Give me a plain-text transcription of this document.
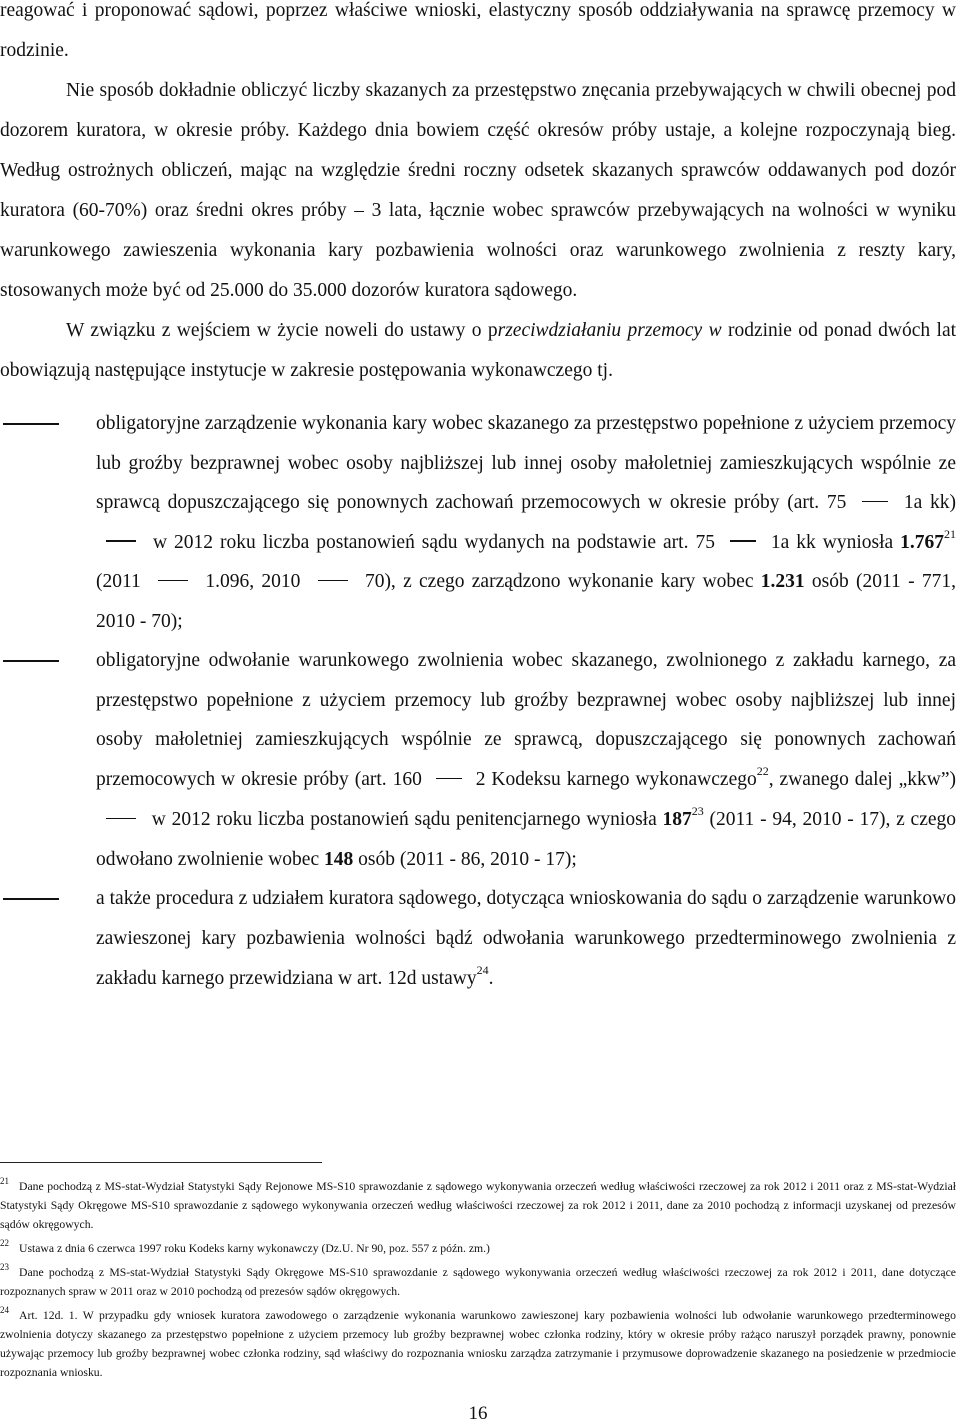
reagować i proponować sądowi, poprzez właściwe wnioski, elastyczny sposób oddziaływania na sprawcę przemocy w rodzinie.

Nie sposób dokładnie obliczyć liczby skazanych za przestępstwo znęcania przebywających w chwili obecnej pod dozorem kuratora, w okresie próby. Każdego dnia bowiem część okresów próby ustaje, a kolejne rozpoczynają bieg. Według ostrożnych obliczeń, mając na względzie średni roczny odsetek skazanych sprawców oddawanych pod dozór kuratora (60-70%) oraz średni okres próby – 3 lata, łącznie wobec sprawców przebywających na wolności w wyniku warunkowego zawieszenia wykonania kary pozbawienia wolności oraz warunkowego zwolnienia z reszty kary, stosowanych może być od 25.000 do 35.000 dozorów kuratora sądowego.

W związku z wejściem w życie noweli do ustawy o przeciwdziałaniu przemocy w rodzinie od ponad dwóch lat obowiązują następujące instytucje w zakresie postępowania wykonawczego tj.

obligatoryjne zarządzenie wykonania kary wobec skazanego za przestępstwo popełnione z użyciem przemocy lub groźby bezprawnej wobec osoby najbliższej lub innej osoby małoletniej zamieszkujących wspólnie ze sprawcą dopuszczającego się ponownych zachowań przemocowych w okresie próby (art. 75	1a kk)  w 2012 roku liczba postanowień sądu wydanych na podstawie art. 75	1a kk wyniosła 1.767$^{21}$ (2011	1.096, 2010	70), z czego zarządzono wykonanie kary wobec 1.231 osób (2011 - 771, 2010 - 70);
obligatoryjne odwołanie warunkowego zwolnienia wobec skazanego, zwolnionego z zakładu karnego, za przestępstwo popełnione z użyciem przemocy lub groźby bezprawnej wobec osoby najbliższej lub innej osoby małoletniej zamieszkujących wspólnie ze sprawcą, dopuszczającego się ponownych zachowań przemocowych w okresie próby (art. 160	2 Kodeksu karnego wykonawczego$^{22}$, zwanego dalej „kkw”)  w 2012 roku liczba postanowień sądu penitencjarnego wyniosła $187^{23}$ (2011 - 94, 2010 - 17), z czego odwołano zwolnienie wobec 148 osób (2011 - 86, 2010 - 17);
a także procedura z udziałem kuratora sądowego, dotycząca wnioskowania do sądu o zarządzenie warunkowo zawieszonej kary pozbawienia wolności bądź odwołania warunkowego przedterminowego zwolnienia z zakładu karnego przewidziana w art. 12d ustawy$^{24}$.

$^{21}$ Dane pochodzą z MS-stat-Wydział Statystyki Sądy Rejonowe MS-S10 sprawozdanie z sądowego wykonywania orzeczeń według właściwości rzeczowej za rok 2012 i 2011 oraz z MS-stat-Wydział Statystyki Sądy Okręgowe MS-S10 sprawozdanie z sądowego wykonywania orzeczeń według właściwości rzeczowej za rok 2012 i 2011, dane za 2010 pochodzą z informacji uzyskanej od prezesów sądów okręgowych.

$^{22}$ Ustawa z dnia 6 czerwca 1997 roku Kodeks karny wykonawczy (Dz.U. Nr 90, poz. 557 z późn. zm.)

$^{23}$ Dane pochodzą z MS-stat-Wydział Statystyki Sądy Okręgowe MS-S10 sprawozdanie z sądowego wykonywania orzeczeń według właściwości rzeczowej za rok 2012 i 2011, dane dotyczące rozpoznanych spraw w 2011 oraz w 2010 pochodzą od prezesów sądów okręgowych.

$^{24}$ Art. 12d. 1. W przypadku gdy wniosek kuratora zawodowego o zarządzenie wykonania warunkowo zawieszonej kary pozbawienia wolności lub odwołanie warunkowego przedterminowego zwolnienia dotyczy skazanego za przestępstwo popełnione z użyciem przemocy lub groźby bezprawnej wobec członka rodziny, który w okresie próby rażąco naruszył porządek prawny, ponownie używając przemocy lub groźby bezprawnej wobec członka rodziny, sąd właściwy do rozpoznania wniosku zarządza zatrzymanie i przymusowe doprowadzenie skazanego na posiedzenie w przedmiocie rozpoznania wniosku.

16
